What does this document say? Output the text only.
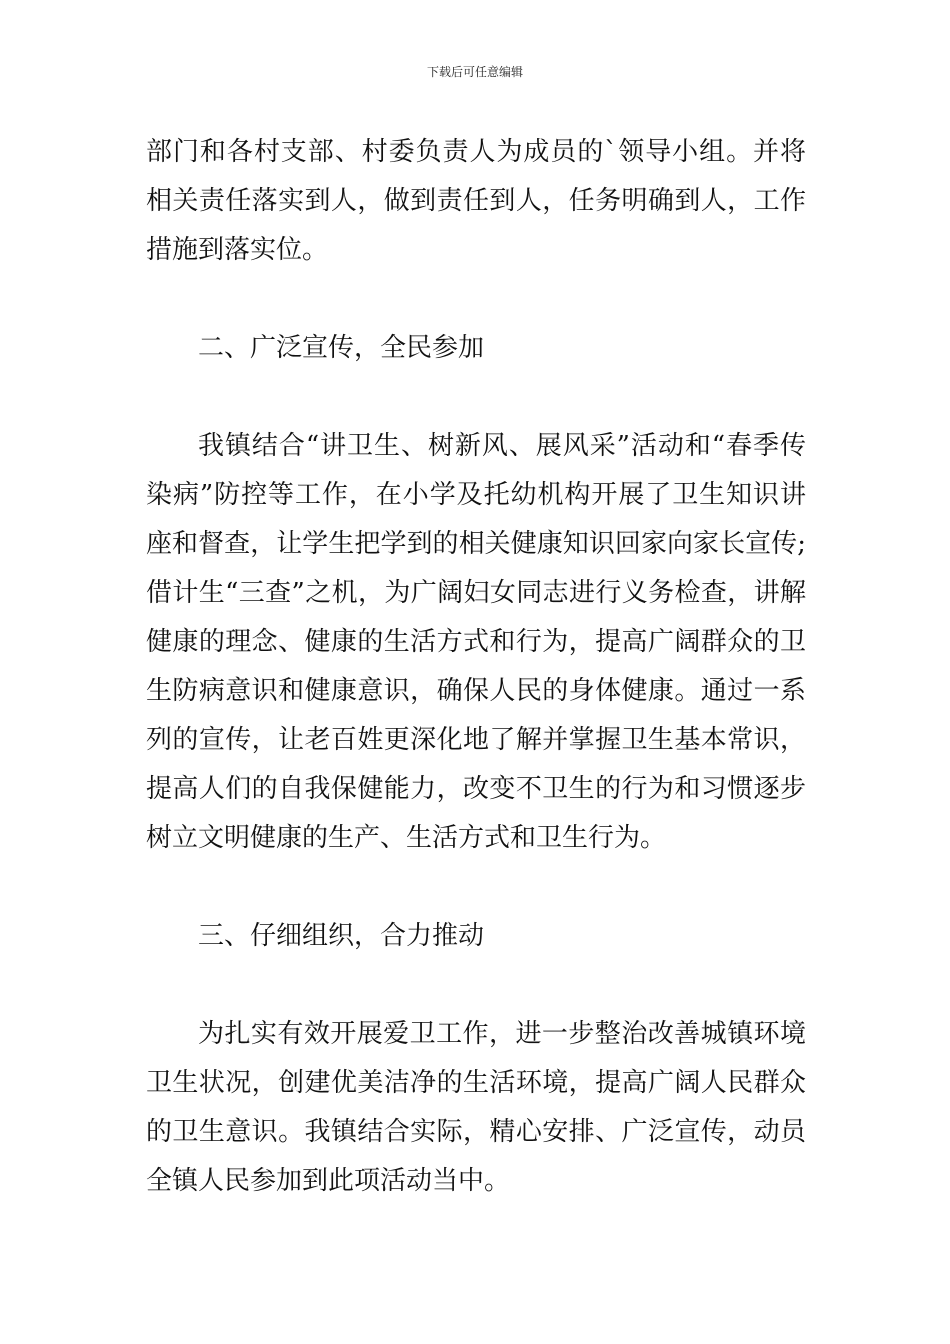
下载后可任意编辑

部门和各村支部、村委负责人为成员的`领导小组。并将相关责任落实到人，做到责任到人，任务明确到人，工作措施到落实位。

二、广泛宣传，全民参加

我镇结合“讲卫生、树新风、展风采”活动和“春季传染病”防控等工作，在小学及托幼机构开展了卫生知识讲座和督查，让学生把学到的相关健康知识回家向家长宣传;借计生“三查”之机，为广阔妇女同志进行义务检查，讲解健康的理念、健康的生活方式和行为，提高广阔群众的卫生防病意识和健康意识，确保人民的身体健康。通过一系列的宣传，让老百姓更深化地了解并掌握卫生基本常识，提高人们的自我保健能力，改变不卫生的行为和习惯逐步树立文明健康的生产、生活方式和卫生行为。

三、仔细组织，合力推动

为扎实有效开展爱卫工作，进一步整治改善城镇环境卫生状况，创建优美洁净的生活环境，提高广阔人民群众的卫生意识。我镇结合实际，精心安排、广泛宣传，动员全镇人民参加到此项活动当中。
